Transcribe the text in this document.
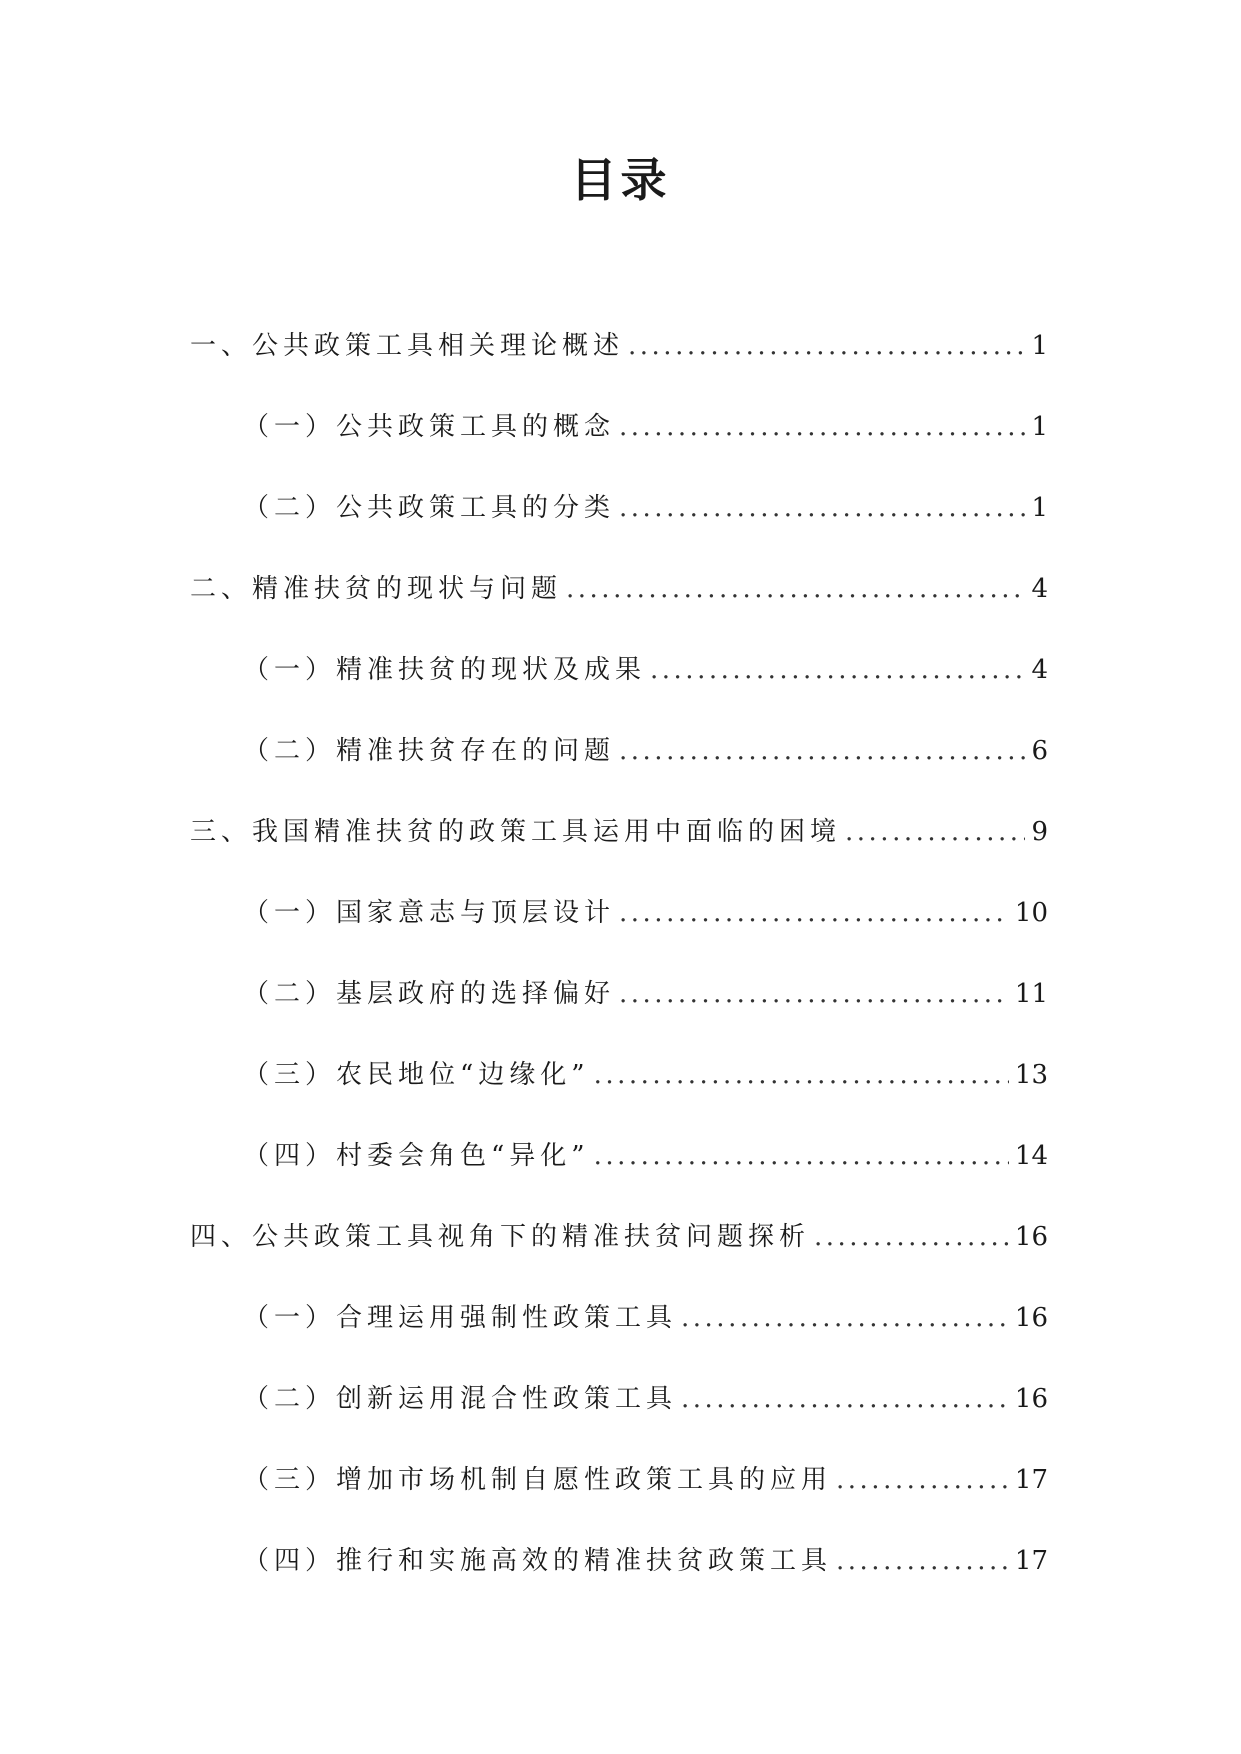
目录
一、公共政策工具相关理论概述 .....	1
（一）公共政策工具的概念 .....	1
（二）公共政策工具的分类 .....	1
二、精准扶贫的现状与问题 .....	4
（一）精准扶贫的现状及成果 .....	4
（二）精准扶贫存在的问题 .....	6
三、我国精准扶贫的政策工具运用中面临的困境 .....	9
（一）国家意志与顶层设计 .....	10
（二）基层政府的选择偏好 .....	11
（三）农民地位“边缘化” .....	13
（四）村委会角色“异化” .....	14
四、公共政策工具视角下的精准扶贫问题探析 .....	16
（一）合理运用强制性政策工具 .....	16
（二）创新运用混合性政策工具 .....	16
（三）增加市场机制自愿性政策工具的应用 .....	17
（四）推行和实施高效的精准扶贫政策工具 .....	17
